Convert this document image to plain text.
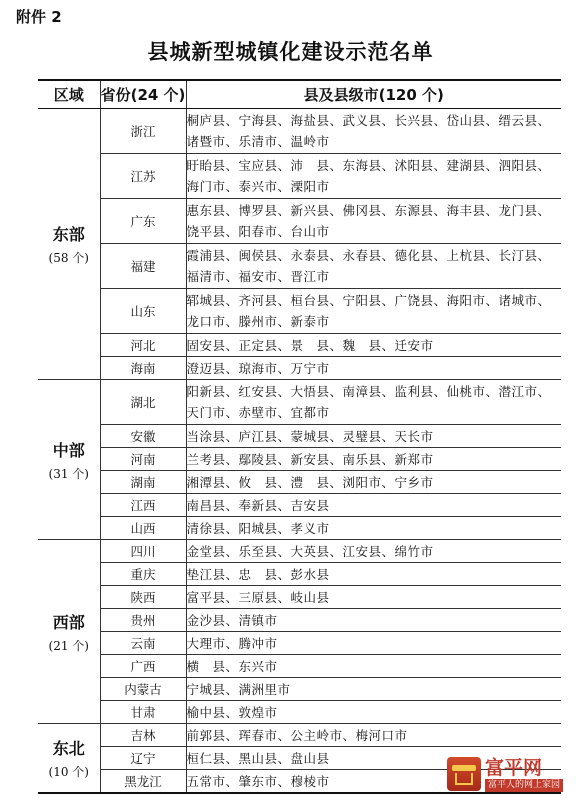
附件 2
县城新型城镇化建设示范名单
区域	省份(24 个)	县及县级市(120 个)

东部
(58 个)	浙江	桐庐县、宁海县、海盐县、武义县、长兴县、岱山县、缙云县、诸暨市、乐清市、温岭市
	江苏	盱眙县、宝应县、沛　县、东海县、沭阳县、建湖县、泗阳县、海门市、泰兴市、溧阳市
	广东	惠东县、博罗县、新兴县、佛冈县、东源县、海丰县、龙门县、饶平县、阳春市、台山市
	福建	霞浦县、闽侯县、永泰县、永春县、德化县、上杭县、长汀县、福清市、福安市、晋江市
	山东	郓城县、齐河县、桓台县、宁阳县、广饶县、海阳市、诸城市、龙口市、滕州市、新泰市
	河北	固安县、正定县、景　县、魏　县、迁安市
	海南	澄迈县、琼海市、万宁市

中部
(31 个)	湖北	阳新县、红安县、大悟县、南漳县、监利县、仙桃市、潜江市、天门市、赤壁市、宜都市
	安徽	当涂县、庐江县、蒙城县、灵璧县、天长市
	河南	兰考县、鄢陵县、新安县、南乐县、新郑市
	湖南	湘潭县、攸　县、澧　县、浏阳市、宁乡市
	江西	南昌县、奉新县、吉安县
	山西	清徐县、阳城县、孝义市

西部
(21 个)	四川	金堂县、乐至县、大英县、江安县、绵竹市
	重庆	垫江县、忠　县、彭水县
	陕西	富平县、三原县、岐山县
	贵州	金沙县、清镇市
	云南	大理市、腾冲市
	广西	横　县、东兴市
	内蒙古	宁城县、满洲里市
	甘肃	榆中县、敦煌市

东北
(10 个)	吉林	前郭县、珲春市、公主岭市、梅河口市
	辽宁	桓仁县、黑山县、盘山县
	黑龙江	五常市、肇东市、穆棱市
富平网
富平人的网上家园
